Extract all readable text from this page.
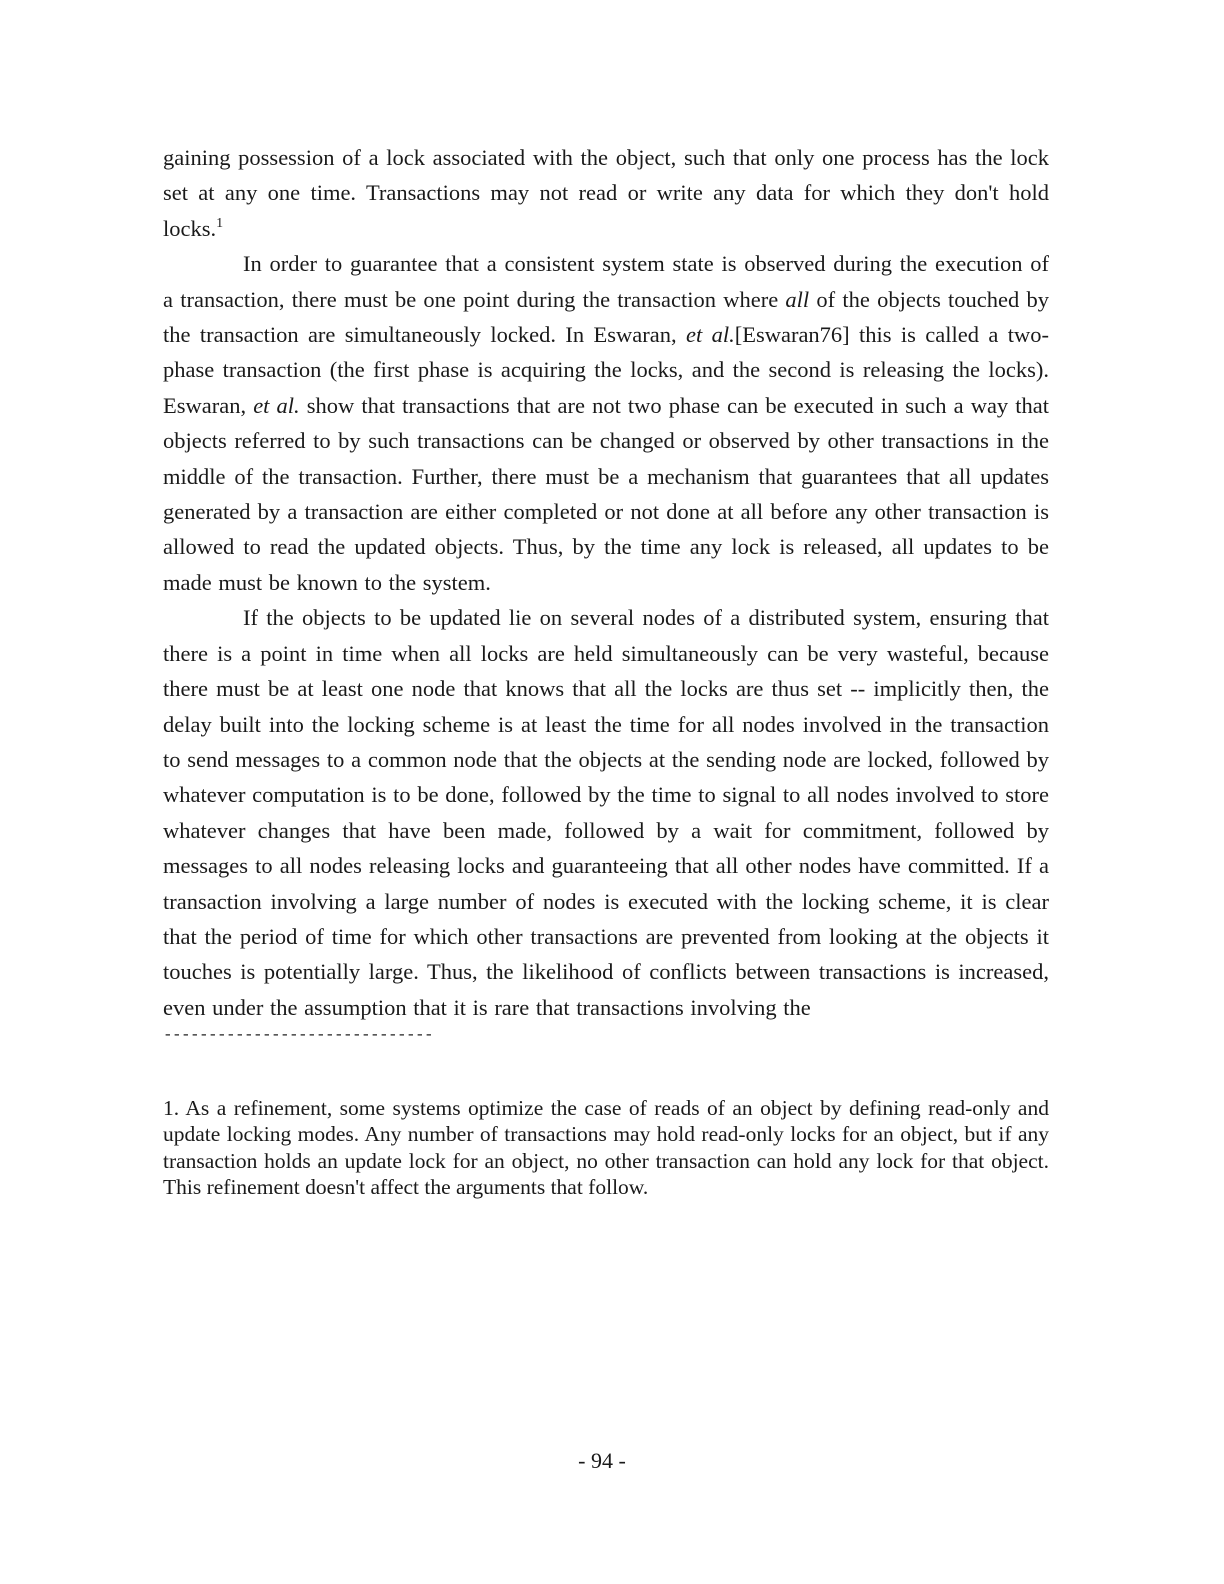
gaining possession of a lock associated with the object, such that only one process has the lock set at any one time. Transactions may not read or write any data for which they don't hold locks.$^1$

In order to guarantee that a consistent system state is observed during the execution of a transaction, there must be one point during the transaction where all of the objects touched by the transaction are simultaneously locked. In Eswaran, et al.[Eswaran76] this is called a two-phase transaction (the first phase is acquiring the locks, and the second is releasing the locks). Eswaran, et al. show that transactions that are not two phase can be executed in such a way that objects referred to by such transactions can be changed or observed by other transactions in the middle of the transaction. Further, there must be a mechanism that guarantees that all updates generated by a transaction are either completed or not done at all before any other transaction is allowed to read the updated objects. Thus, by the time any lock is released, all updates to be made must be known to the system.

If the objects to be updated lie on several nodes of a distributed system, ensuring that there is a point in time when all locks are held simultaneously can be very wasteful, because there must be at least one node that knows that all the locks are thus set -- implicitly then, the delay built into the locking scheme is at least the time for all nodes involved in the transaction to send messages to a common node that the objects at the sending node are locked, followed by whatever computation is to be done, followed by the time to signal to all nodes involved to store whatever changes that have been made, followed by a wait for commitment, followed by messages to all nodes releasing locks and guaranteeing that all other nodes have committed. If a transaction involving a large number of nodes is executed with the locking scheme, it is clear that the period of time for which other transactions are prevented from looking at the objects it touches is potentially large. Thus, the likelihood of conflicts between transactions is increased, even under the assumption that it is rare that transactions involving the

------------------------------

1. As a refinement, some systems optimize the case of reads of an object by defining read-only and update locking modes. Any number of transactions may hold read-only locks for an object, but if any transaction holds an update lock for an object, no other transaction can hold any lock for that object. This refinement doesn't affect the arguments that follow.

- 94 -
